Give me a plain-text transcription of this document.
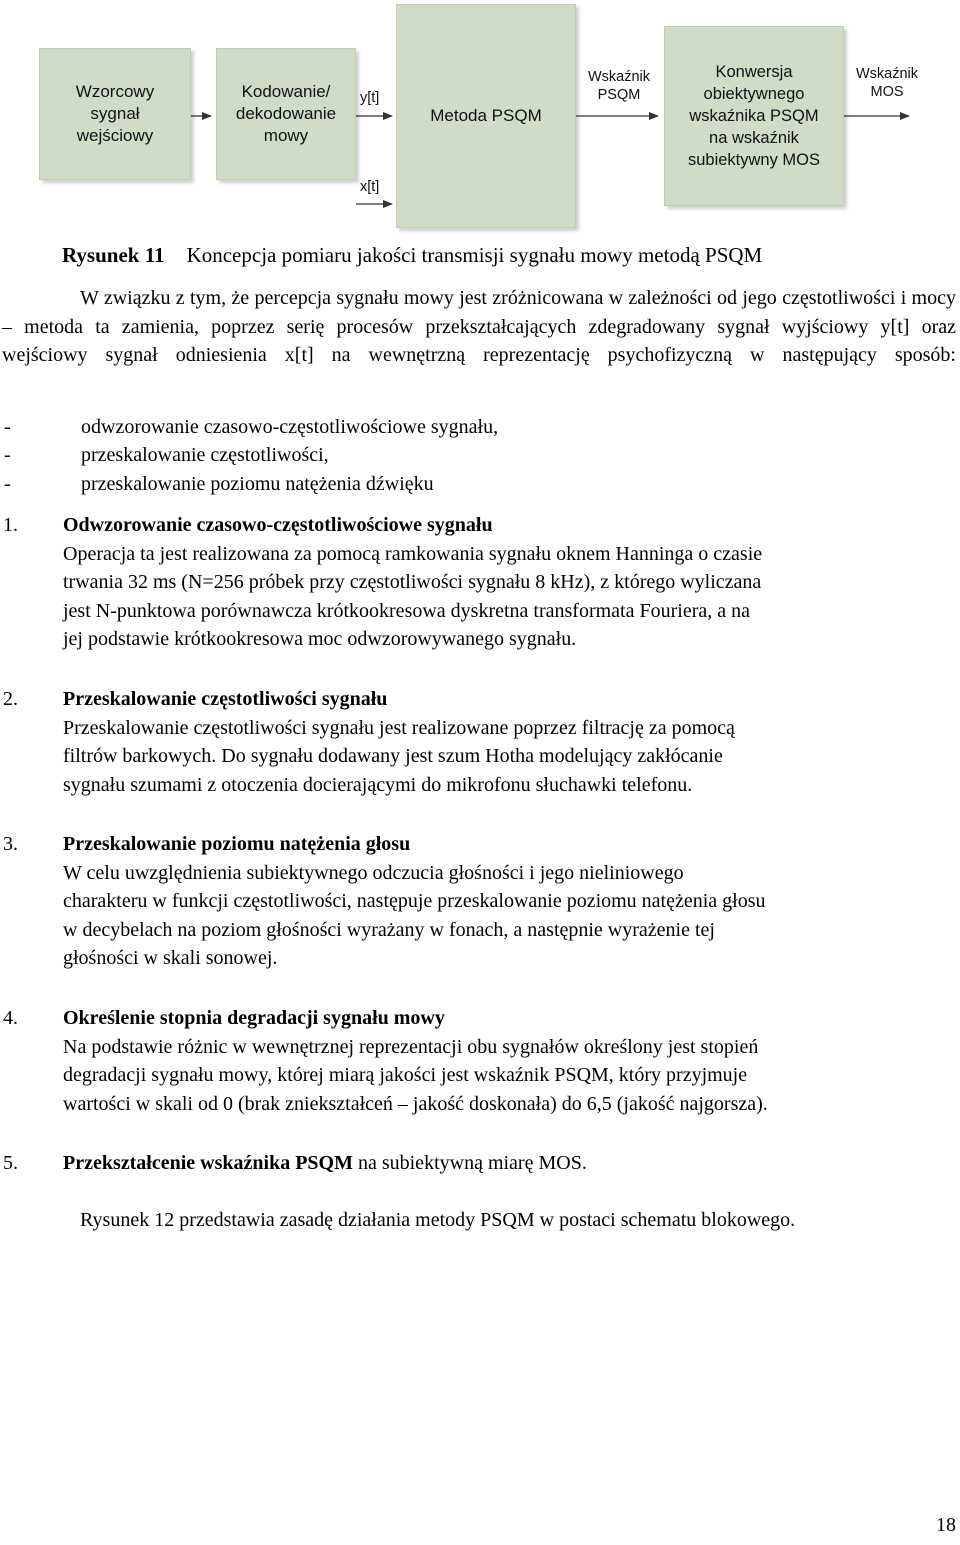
Wzorcowy
sygnał
wejściowy
Kodowanie/
dekodowanie
mowy
Metoda PSQM
Konwersja
obiektywnego
wskaźnika PSQM
na wskaźnik
subiektywny MOS
y[t]
x[t]
Wskaźnik
PSQM
Wskaźnik
MOS
Rysunek 11 Koncepcja pomiaru jakości transmisji sygnału mowy metodą PSQM
W związku z tym, że percepcja sygnału mowy jest zróżnicowana w zależności od jego częstotliwości i mocy – metoda ta zamienia, poprzez serię procesów przekształcających zdegradowany sygnał wyjściowy y[t] oraz wejściowy sygnał odniesienia x[t] na wewnętrzną reprezentację psychofizyczną w następujący sposób:
-	odwzorowanie czasowo-częstotliwościowe sygnału,
-	przeskalowanie częstotliwości,
-	przeskalowanie poziomu natężenia dźwięku
1. Odwzorowanie czasowo-częstotliwościowe sygnału
Operacja ta jest realizowana za pomocą ramkowania sygnału oknem Hanninga o czasie
trwania 32 ms (N=256 próbek przy częstotliwości sygnału 8 kHz), z którego wyliczana
jest N-punktowa porównawcza krótkookresowa dyskretna transformata Fouriera, a na
jej podstawie krótkookresowa moc odwzorowywanego sygnału.
2. Przeskalowanie częstotliwości sygnału
Przeskalowanie częstotliwości sygnału jest realizowane poprzez filtrację za pomocą
filtrów barkowych. Do sygnału dodawany jest szum Hotha modelujący zakłócanie
sygnału szumami z otoczenia docierającymi do mikrofonu słuchawki telefonu.
3. Przeskalowanie poziomu natężenia głosu
W celu uwzględnienia subiektywnego odczucia głośności i jego nieliniowego
charakteru w funkcji częstotliwości, następuje przeskalowanie poziomu natężenia głosu
w decybelach na poziom głośności wyrażany w fonach, a następnie wyrażenie tej
głośności w skali sonowej.
4. Określenie stopnia degradacji sygnału mowy
Na podstawie różnic w wewnętrznej reprezentacji obu sygnałów określony jest stopień
degradacji sygnału mowy, której miarą jakości jest wskaźnik PSQM, który przyjmuje
wartości w skali od 0 (brak zniekształceń – jakość doskonała) do 6,5 (jakość najgorsza).
5. Przekształcenie wskaźnika PSQM na subiektywną miarę MOS.
Rysunek 12 przedstawia zasadę działania metody PSQM w postaci schematu blokowego.
18
